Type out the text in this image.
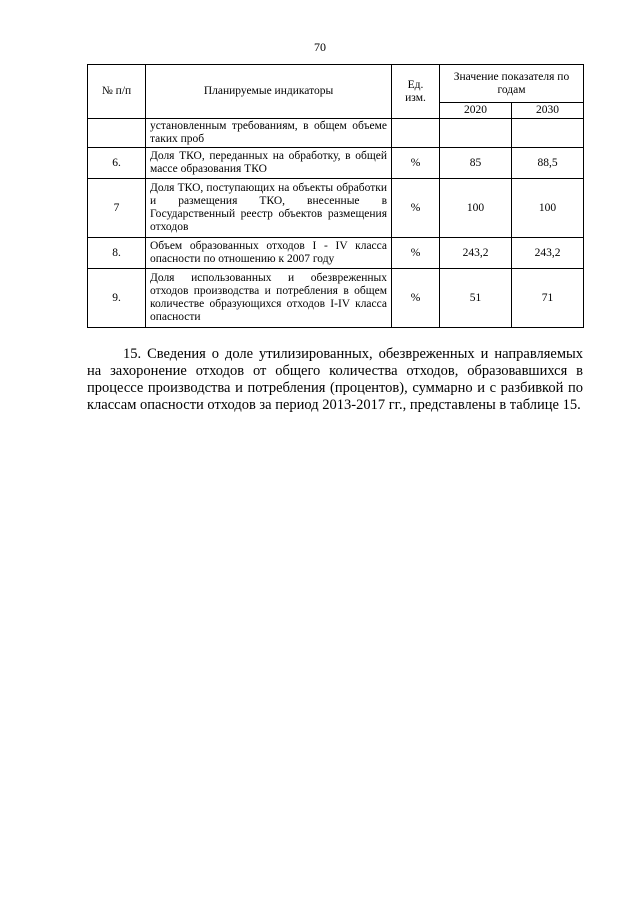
70
№ п/п	Планируемые индикаторы	Ед. изм.	Значение показателя по годам	
			2020	2030
	установленным требованиям, в общем объеме таких проб			
6.	Доля ТКО, переданных на обработку, в общей массе образования ТКО	%	85	88,5
7	Доля ТКО, поступающих на объекты обработки и размещения ТКО, внесенные в Государственный реестр объектов размещения отходов	%	100	100
8.	Объем образованных отходов I - IV класса опасности по отношению к 2007 году	%	243,2	243,2
9.	Доля использованных и обезвреженных отходов производства и потребления в общем количестве образующихся отходов I-IV класса опасности	%	51	71

15. Сведения о доле утилизированных, обезвреженных и направляемых на захоронение отходов от общего количества отходов, образовавшихся в процессе производства и потребления (процентов), суммарно и с разбивкой по классам опасности отходов за период 2013-2017 гг., представлены в таблице 15.
